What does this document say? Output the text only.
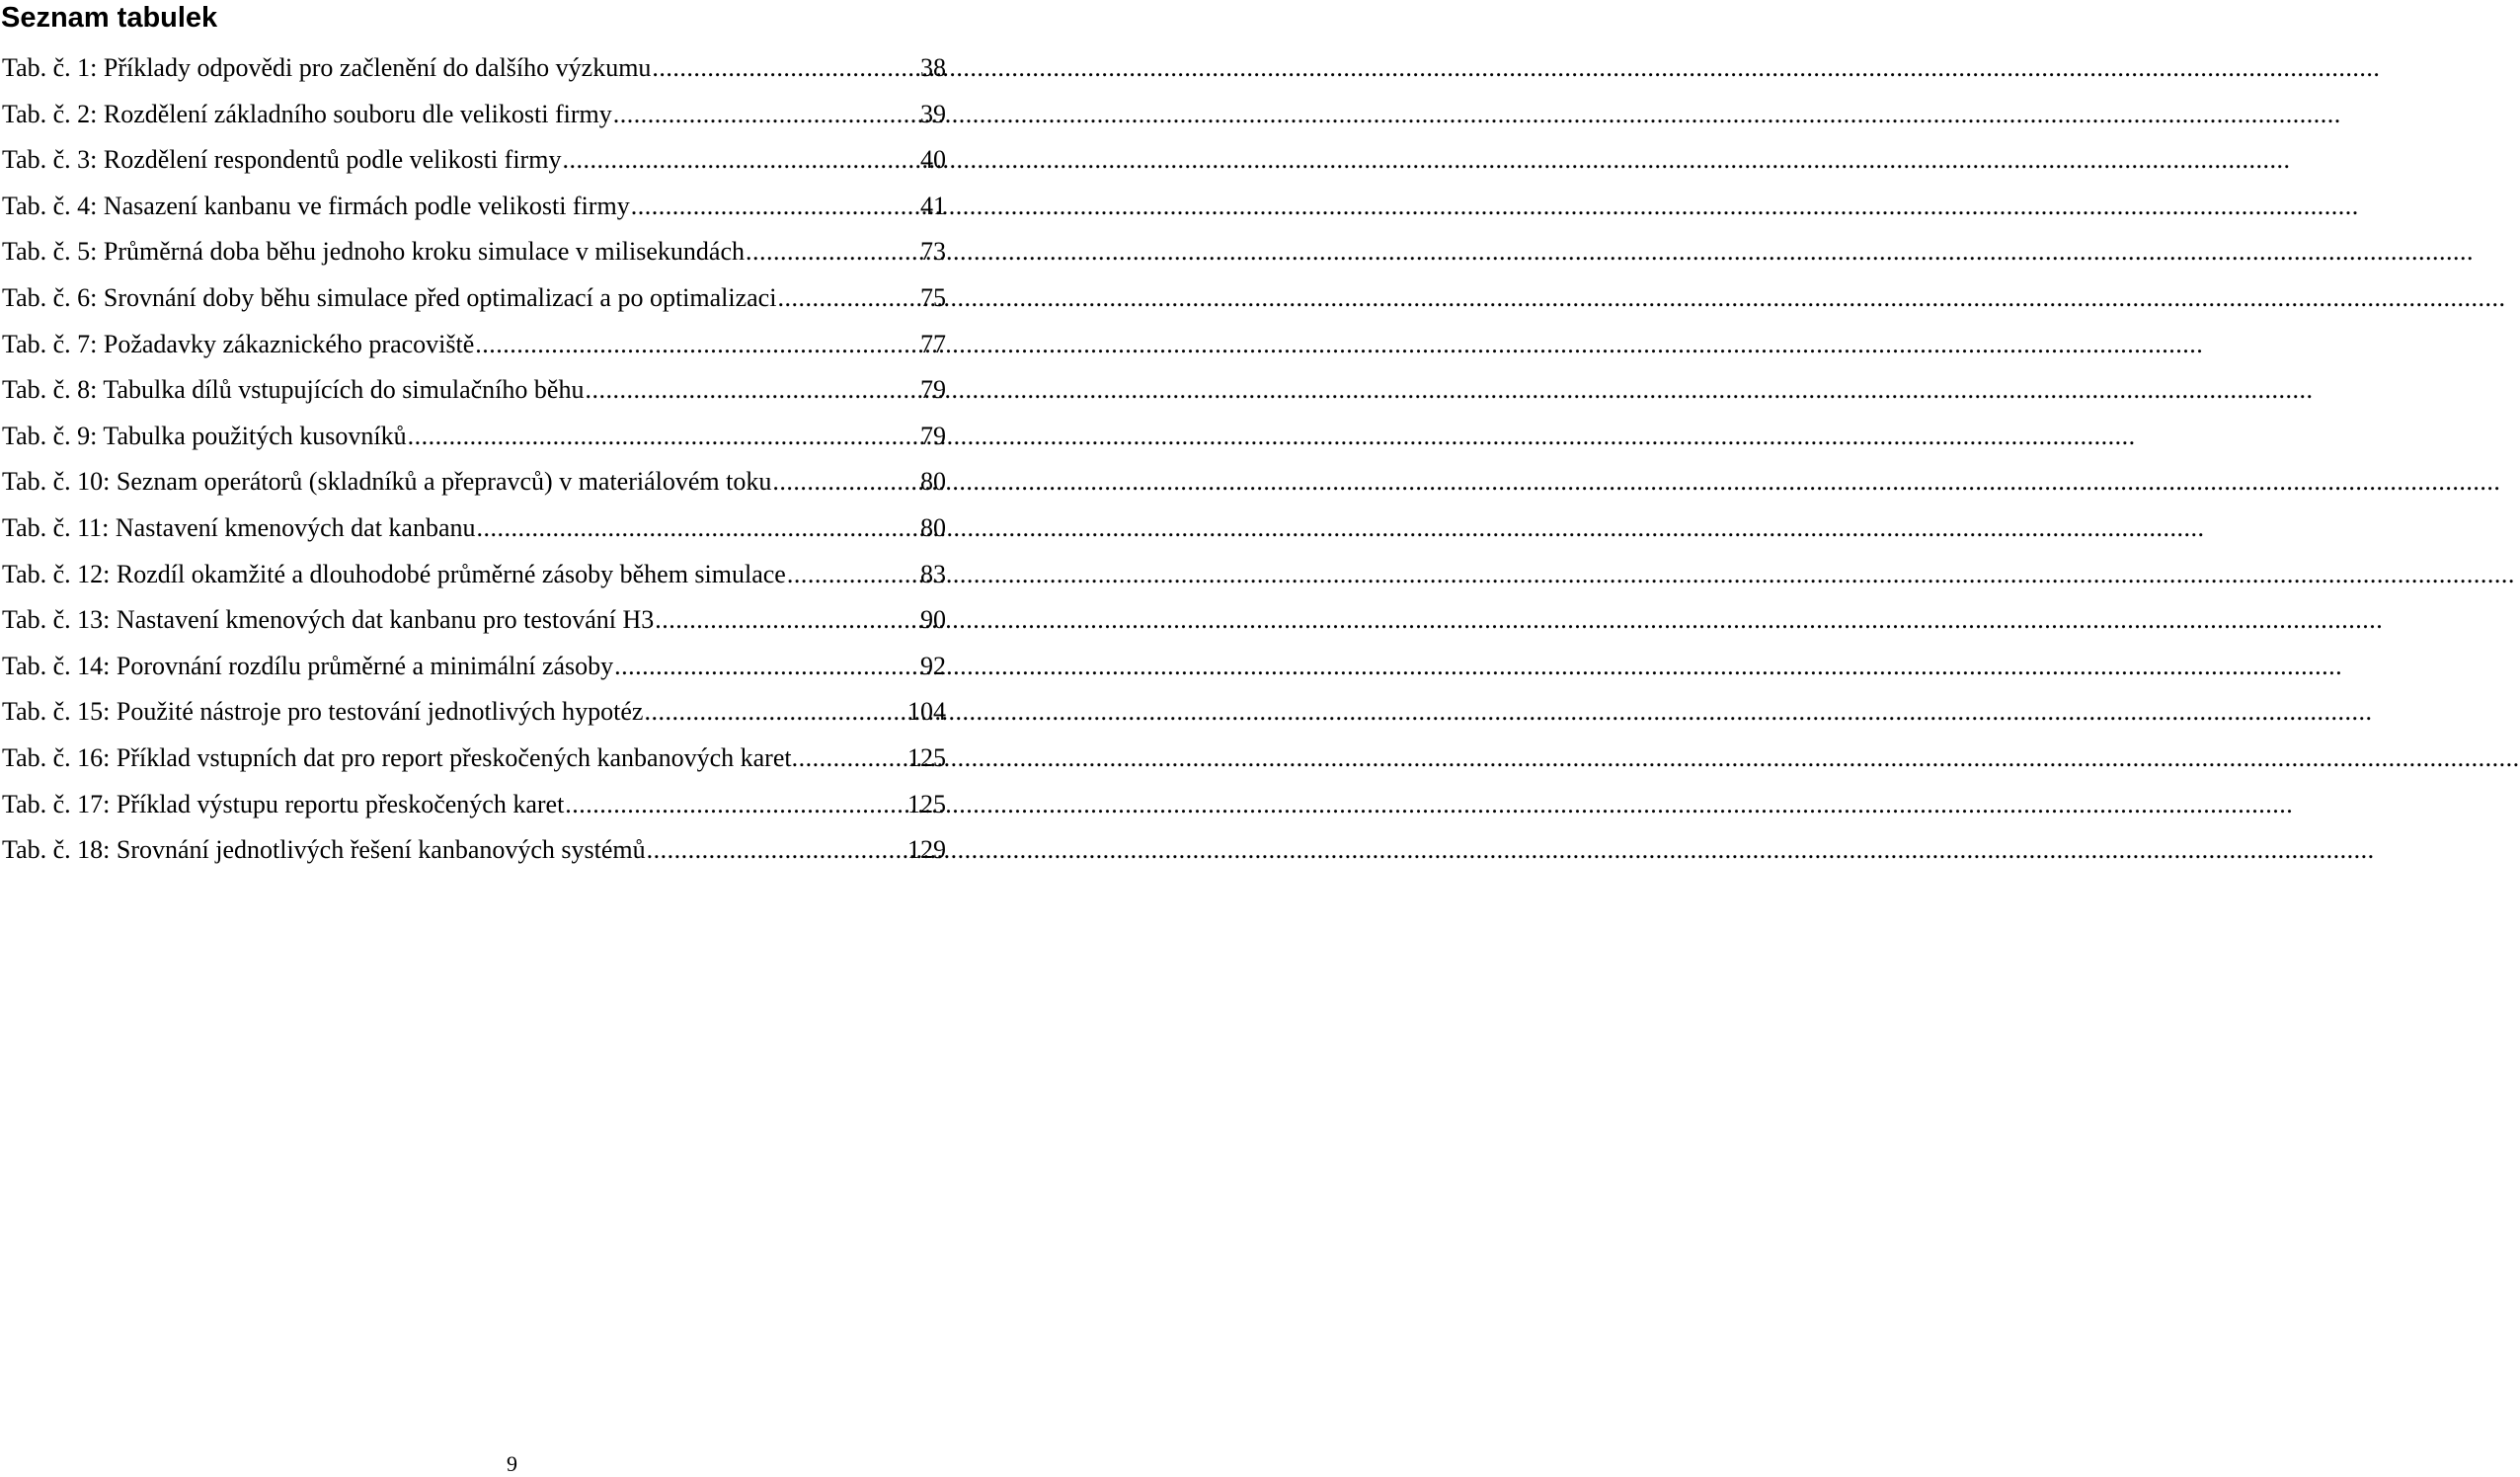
Seznam tabulek
Tab. č. 1: Příklady odpovědi pro začlenění do dalšího výzkumu .....	38
Tab. č. 2: Rozdělení základního souboru dle velikosti firmy .....	39
Tab. č. 3: Rozdělení respondentů podle velikosti firmy .....	40
Tab. č. 4: Nasazení kanbanu ve firmách podle velikosti firmy .....	41
Tab. č. 5: Průměrná doba běhu jednoho kroku simulace v milisekundách .....	73
Tab. č. 6: Srovnání doby běhu simulace před optimalizací a po optimalizaci .....	75
Tab. č. 7: Požadavky zákaznického pracoviště .....	77
Tab. č. 8: Tabulka dílů vstupujících do simulačního běhu .....	79
Tab. č. 9: Tabulka použitých kusovníků .....	79
Tab. č. 10: Seznam operátorů (skladníků a přepravců) v materiálovém toku .....	80
Tab. č. 11: Nastavení kmenových dat kanbanu .....	80
Tab. č. 12: Rozdíl okamžité a dlouhodobé průměrné zásoby během simulace .....	83
Tab. č. 13: Nastavení kmenových dat kanbanu pro testování H3 .....	90
Tab. č. 14: Porovnání rozdílu průměrné a minimální zásoby .....	92
Tab. č. 15: Použité nástroje pro testování jednotlivých hypotéz .....	104
Tab. č. 16: Příklad vstupních dat pro report přeskočených kanbanových karet .....	125
Tab. č. 17: Příklad výstupu reportu přeskočených karet .....	125
Tab. č. 18: Srovnání jednotlivých řešení kanbanových systémů .....	129
9
